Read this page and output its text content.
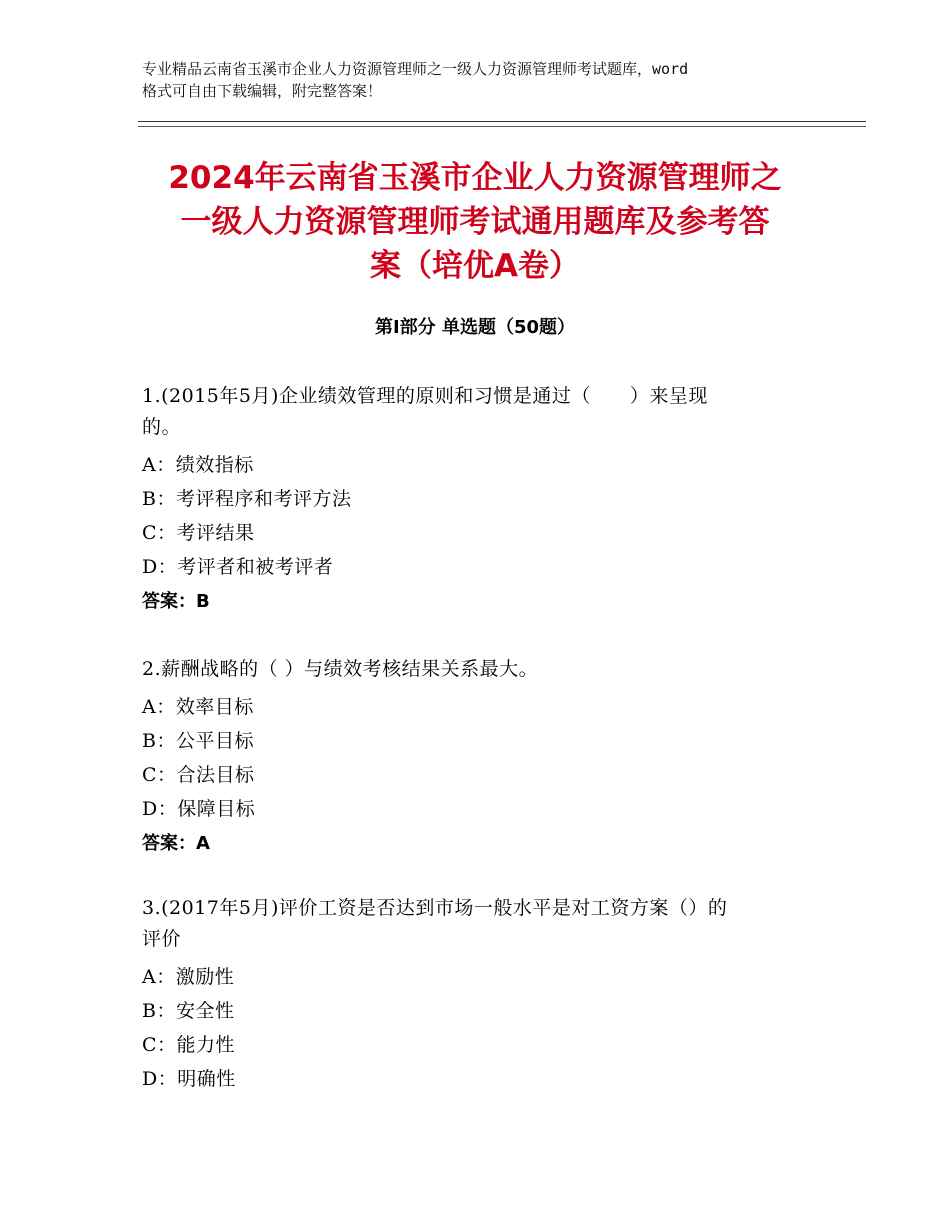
专业精品云南省玉溪市企业人力资源管理师之一级人力资源管理师考试题库，word
格式可自由下载编辑，附完整答案！
2024年云南省玉溪市企业人力资源管理师之
一级人力资源管理师考试通用题库及参考答
案（培优A卷）
第Ⅰ部分 单选题（50题）
1.(2015年5月)企业绩效管理的原则和习惯是通过（　　）来呈现
的。
A：绩效指标
B：考评程序和考评方法
C：考评结果
D：考评者和被考评者
答案：B
2.薪酬战略的（ ）与绩效考核结果关系最大。
A：效率目标
B：公平目标
C：合法目标
D：保障目标
答案：A
3.(2017年5月)评价工资是否达到市场一般水平是对工资方案（）的
评价
A：激励性
B：安全性
C：能力性
D：明确性
